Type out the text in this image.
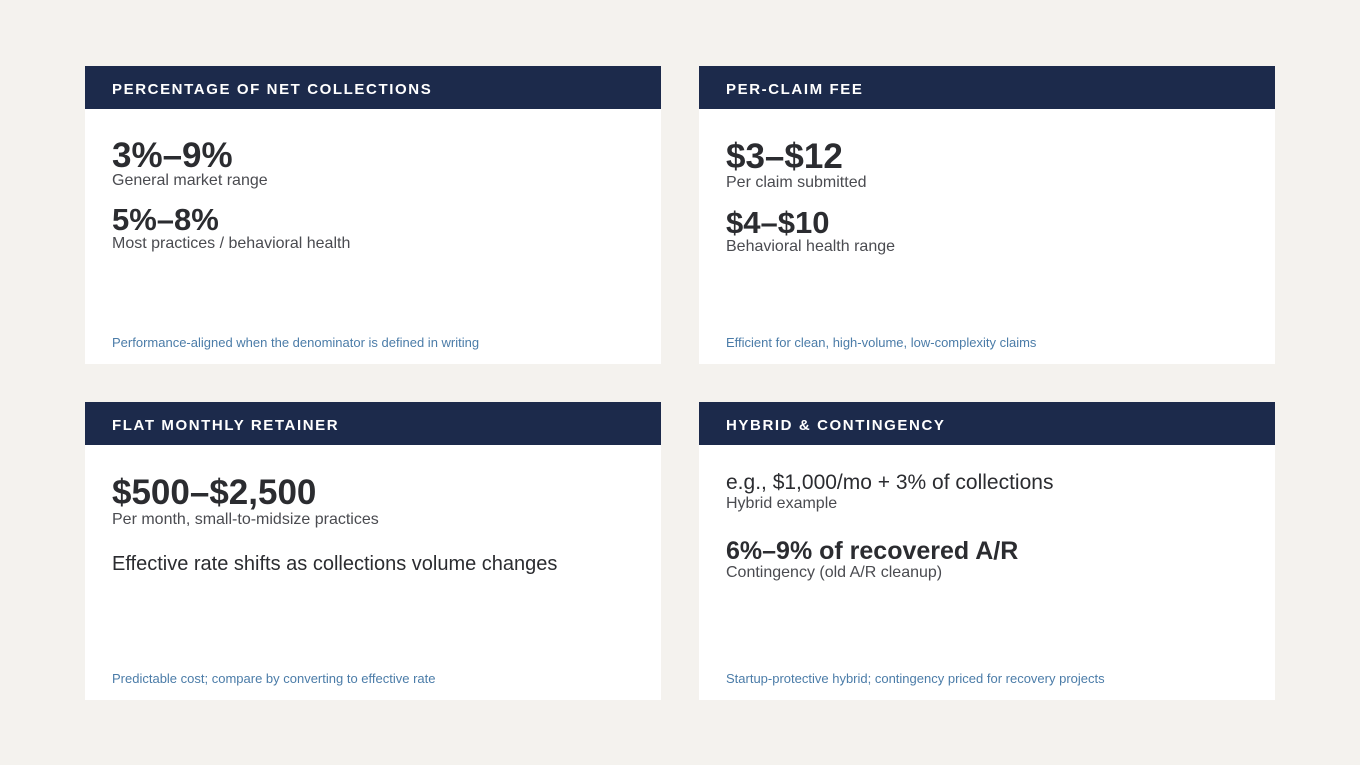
PERCENTAGE OF NET COLLECTIONS
3%–9%
General market range
5%–8%
Most practices / behavioral health
Performance-aligned when the denominator is defined in writing
PER-CLAIM FEE
$3–$12
Per claim submitted
$4–$10
Behavioral health range
Efficient for clean, high-volume, low-complexity claims
FLAT MONTHLY RETAINER
$500–$2,500
Per month, small-to-midsize practices
Effective rate shifts as collections volume changes
Predictable cost; compare by converting to effective rate
HYBRID & CONTINGENCY
e.g., $1,000/mo + 3% of collections
Hybrid example
6%–9% of recovered A/R
Contingency (old A/R cleanup)
Startup-protective hybrid; contingency priced for recovery projects
